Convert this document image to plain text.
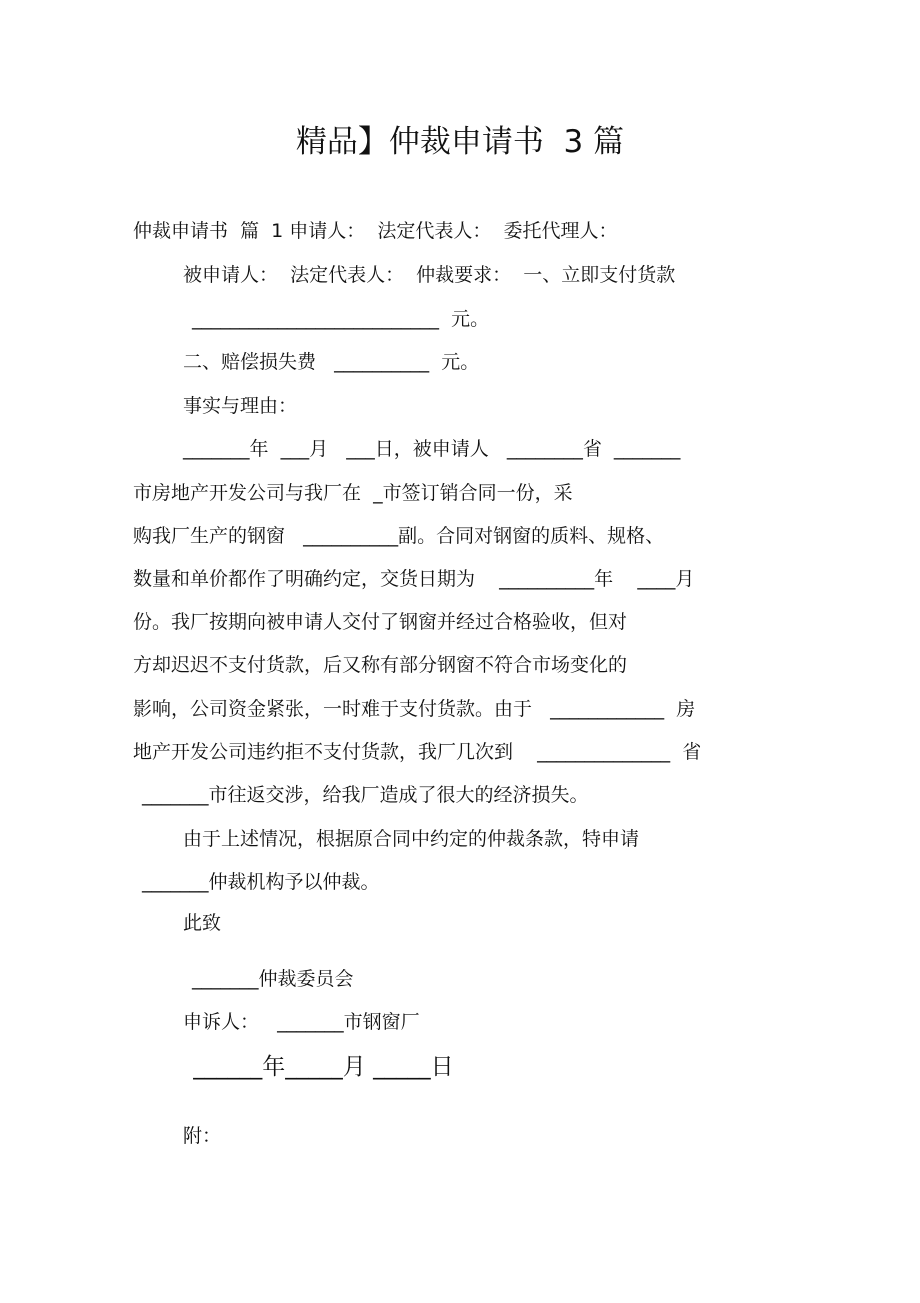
精品】仲裁申请书  3 篇

仲裁申请书  篇  1 申请人：  法定代表人：  委托代理人：

被申请人：  法定代表人：  仲裁要求：  一、立即支付货款

__________________________  元。

二、赔偿损失费   __________  元。

事实与理由：

_______年  ___月   ___日，被申请人   ________省  _______

市房地产开发公司与我厂在  _市签订销合同一份，采

购我厂生产的钢窗   __________副。合同对钢窗的质料、规格、

数量和单价都作了明确约定，交货日期为    __________年    ____月

份。我厂按期向被申请人交付了钢窗并经过合格验收，但对

方却迟迟不支付货款，后又称有部分钢窗不符合市场变化的

影响，公司资金紧张，一时难于支付货款。由于   ____________  房

地产开发公司违约拒不支付货款，我厂几次到    ______________  省

_______市往返交涉，给我厂造成了很大的经济损失。

由于上述情况，根据原合同中约定的仲裁条款，特申请

_______仲裁机构予以仲裁。

此致

_______仲裁委员会

申诉人：   _______市钢窗厂

______年_____月 _____日

附：
